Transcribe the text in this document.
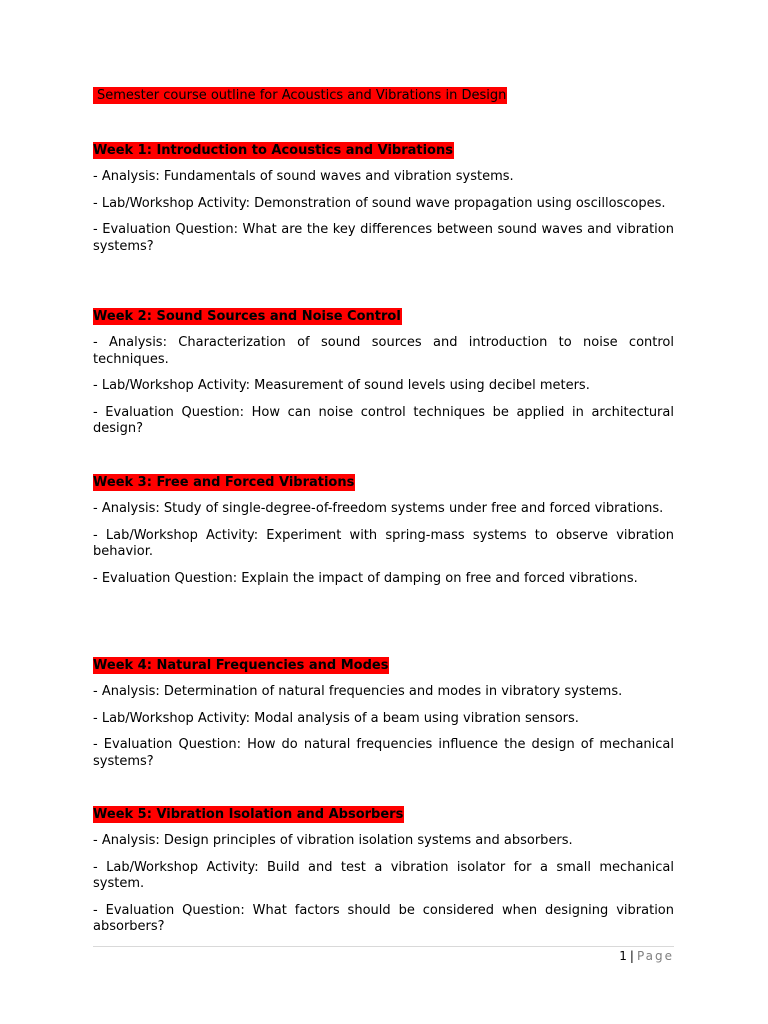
Semester course outline for Acoustics and Vibrations in Design
Week 1: Introduction to Acoustics and Vibrations
- Analysis: Fundamentals of sound waves and vibration systems.
- Lab/Workshop Activity: Demonstration of sound wave propagation using oscilloscopes.
- Evaluation Question: What are the key differences between sound waves and vibration systems?
Week 2: Sound Sources and Noise Control
- Analysis: Characterization of sound sources and introduction to noise control techniques.
- Lab/Workshop Activity: Measurement of sound levels using decibel meters.
- Evaluation Question: How can noise control techniques be applied in architectural design?
Week 3: Free and Forced Vibrations
- Analysis: Study of single-degree-of-freedom systems under free and forced vibrations.
- Lab/Workshop Activity: Experiment with spring-mass systems to observe vibration behavior.
- Evaluation Question: Explain the impact of damping on free and forced vibrations.
Week 4: Natural Frequencies and Modes
- Analysis: Determination of natural frequencies and modes in vibratory systems.
- Lab/Workshop Activity: Modal analysis of a beam using vibration sensors.
- Evaluation Question: How do natural frequencies influence the design of mechanical systems?
Week 5: Vibration Isolation and Absorbers
- Analysis: Design principles of vibration isolation systems and absorbers.
- Lab/Workshop Activity: Build and test a vibration isolator for a small mechanical system.
- Evaluation Question: What factors should be considered when designing vibration absorbers?
1 | Page
